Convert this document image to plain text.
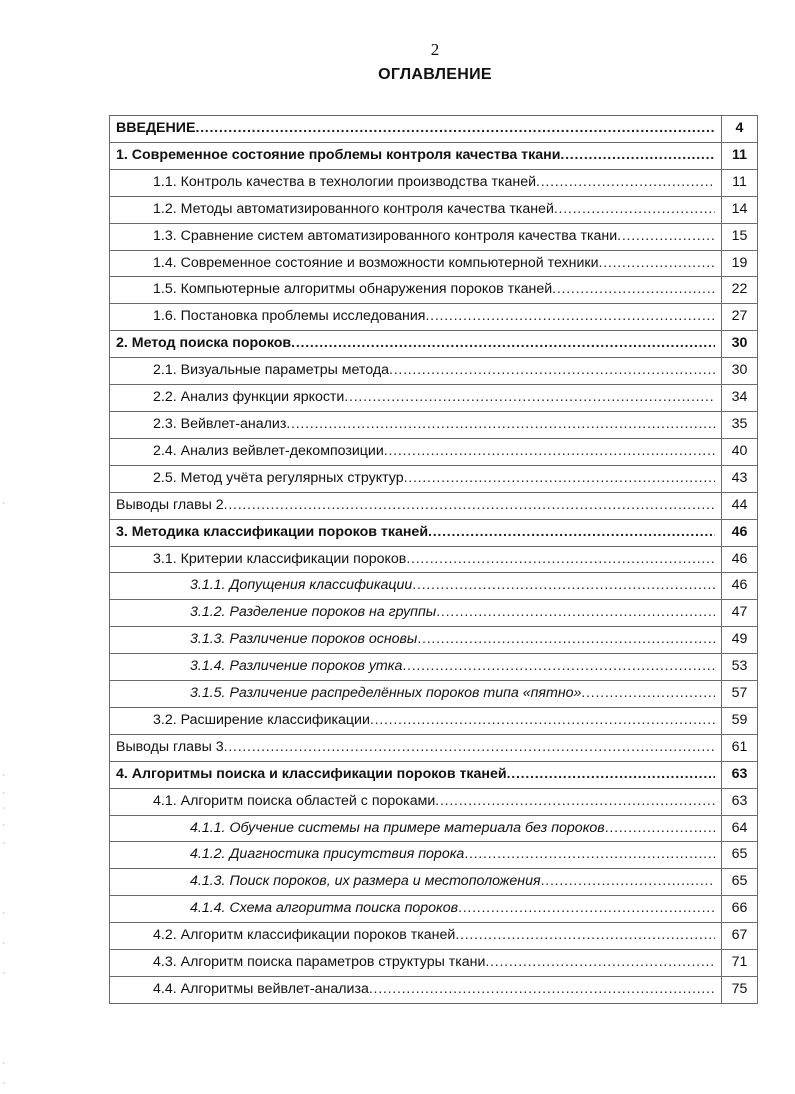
2
ОГЛАВЛЕНИЕ
ВВЕДЕНИЕ
. . .	4

1. Современное состояние проблемы контроля качества ткани
. . .	11

1.1. Контроль качества в технологии производства тканей
. . .	11

1.2. Методы автоматизированного контроля качества тканей
. . .	14

1.3. Сравнение систем автоматизированного контроля качества ткани
. . .	15

1.4. Современное состояние и возможности компьютерной техники
. . .	19

1.5. Компьютерные алгоритмы обнаружения пороков тканей
. . .	22

1.6. Постановка проблемы исследования
. . .	27

2. Метод поиска пороков
. . .	30

2.1. Визуальные параметры метода
. . .	30

2.2. Анализ функции яркости
. . .	34

2.3. Вейвлет-анализ
. . .	35

2.4. Анализ вейвлет-декомпозиции
. . .	40

2.5. Метод учёта регулярных структур
. . .	43

Выводы главы 2
. . .	44

3. Методика классификации пороков тканей
. . .	46

3.1. Критерии классификации пороков
. . .	46

3.1.1. Допущения классификации
. . .	46

3.1.2. Разделение пороков на группы
. . .	47

3.1.3. Различение пороков основы
. . .	49

3.1.4. Различение пороков утка
. . .	53

3.1.5. Различение распределённых пороков типа «пятно»
. . .	57

3.2. Расширение классификации
. . .	59

Выводы главы 3
. . .	61

4. Алгоритмы поиска и классификации пороков тканей
. . .	63

4.1. Алгоритм поиска областей с пороками
. . .	63

4.1.1. Обучение системы на примере материала без пороков
. . .	64

4.1.2. Диагностика присутствия порока
. . .	65

4.1.3. Поиск пороков, их размера и местоположения
. . .	65

4.1.4. Схема алгоритма поиска пороков
. . .	66

4.2. Алгоритм классификации пороков тканей
. . .	67

4.3. Алгоритм поиска параметров структуры ткани
. . .	71

4.4. Алгоритмы вейвлет-анализа
. . .	75
·
·
·
·
·
·
·
·
·
·
·
